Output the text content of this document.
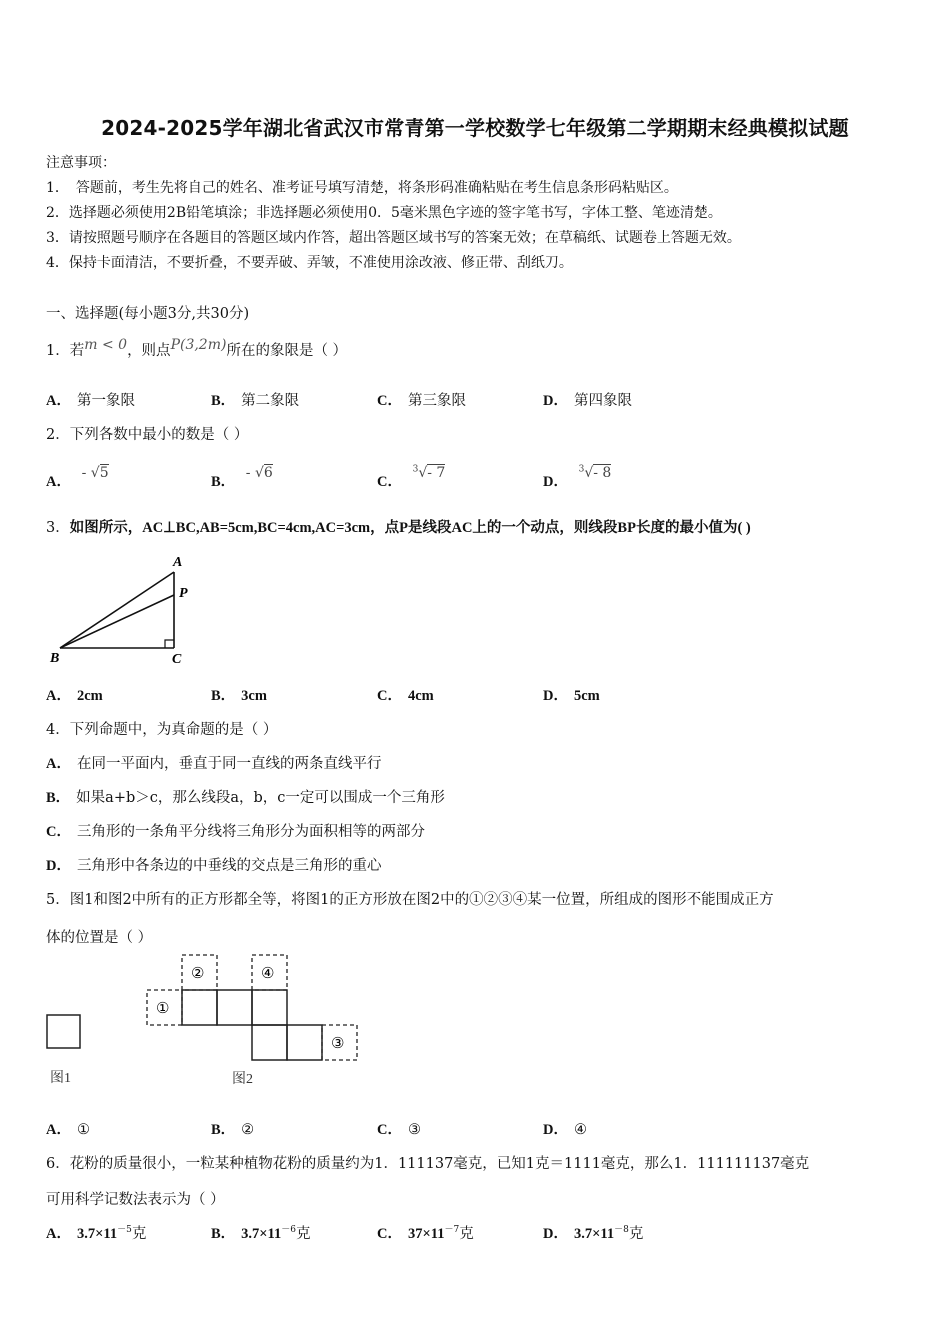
2024-2025学年湖北省武汉市常青第一学校数学七年级第二学期期末经典模拟试题
注意事项：
1．　答题前，考生先将自己的姓名、准考证号填写清楚，将条形码准确粘贴在考生信息条形码粘贴区。
2．选择题必须使用2B铅笔填涂；非选择题必须使用0．5毫米黑色字迹的签字笔书写，字体工整、笔迹清楚。
3．请按照题号顺序在各题目的答题区域内作答，超出答题区域书写的答案无效；在草稿纸、试题卷上答题无效。
4．保持卡面清洁，不要折叠，不要弄破、弄皱，不准使用涂改液、修正带、刮纸刀。
一、选择题(每小题3分,共30分)
1．若m < 0，则点P(3,2m)所在的象限是（ ）
A． 第一象限	B． 第二象限	C． 第三象限	D． 第四象限
2．下列各数中最小的数是（ ）
A． - √5
B． - √6
C． $^3$√- 7
D． $^3$√- 8
3．如图所示，AC⊥BC,AB=5cm,BC=4cm,AC=3cm，点P是线段AC上的一个动点，则线段BP长度的最小值为( )
A
P
B	C
A． 2cm	B． 3cm	C． 4cm	D． 5cm
4．下列命题中，为真命题的是（ ）
A． 在同一平面内，垂直于同一直线的两条直线平行
B． 如果a+b＞c，那么线段a，b，c一定可以围成一个三角形
C． 三角形的一条角平分线将三角形分为面积相等的两部分
D． 三角形中各条边的中垂线的交点是三角形的重心
5．图1和图2中所有的正方形都全等，将图1的正方形放在图2中的①②③④某一位置，所组成的图形不能围成正方
体的位置是（ ）
图1
①
②
③
④
图2
A． ①	B． ②	C． ③	D． ④
6．花粉的质量很小，一粒某种植物花粉的质量约为1．111137毫克，已知1克＝1111毫克，那么1．111111137毫克
可用科学记数法表示为（ ）
A． $3.7\times 11^{-5}$克	B． $3.7\times 11^{-6}$克	C． $37\times 11^{-7}$克	D． $3.7\times 11^{-8}$克
